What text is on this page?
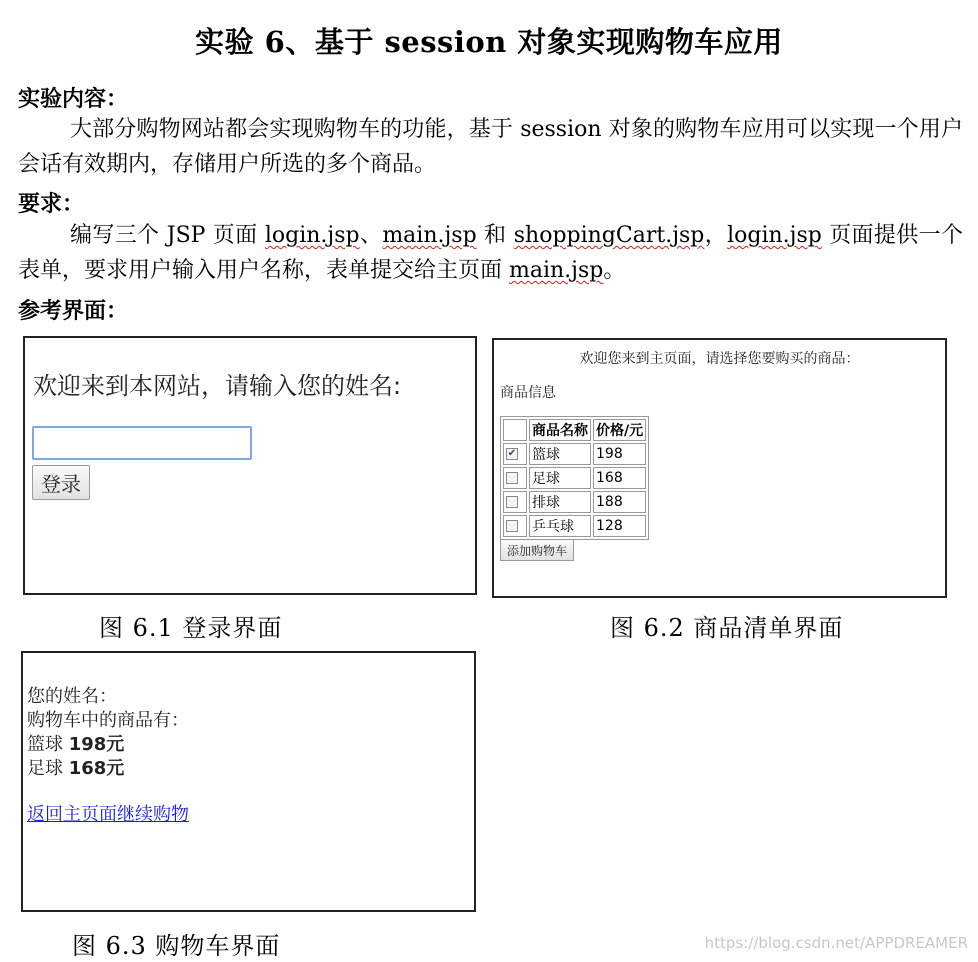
实验 6、基于 session 对象实现购物车应用
实验内容：

大部分购物网站都会实现购物车的功能，基于 session 对象的购物车应用可以实现一个用户会话有效期内，存储用户所选的多个商品。

要求：

编写三个 JSP 页面 login.jsp、main.jsp 和 shoppingCart.jsp，login.jsp 页面提供一个表单，要求用户输入用户名称，表单提交给主页面 main.jsp。

参考界面：
欢迎来到本网站，请输入您的姓名:
登录
图 6.1 登录界面
欢迎您来到主页面，请选择您要购买的商品：
商品信息
	商品名称	价格/元
✔	篮球	198
	足球	168
	排球	188
	乒乓球	128
添加购物车
图 6.2 商品清单界面
您的姓名：
购物车中的商品有：
篮球 198元
足球 168元
返回主页面继续购物
图 6.3 购物车界面	https://blog.csdn.net/APPDREAMER
